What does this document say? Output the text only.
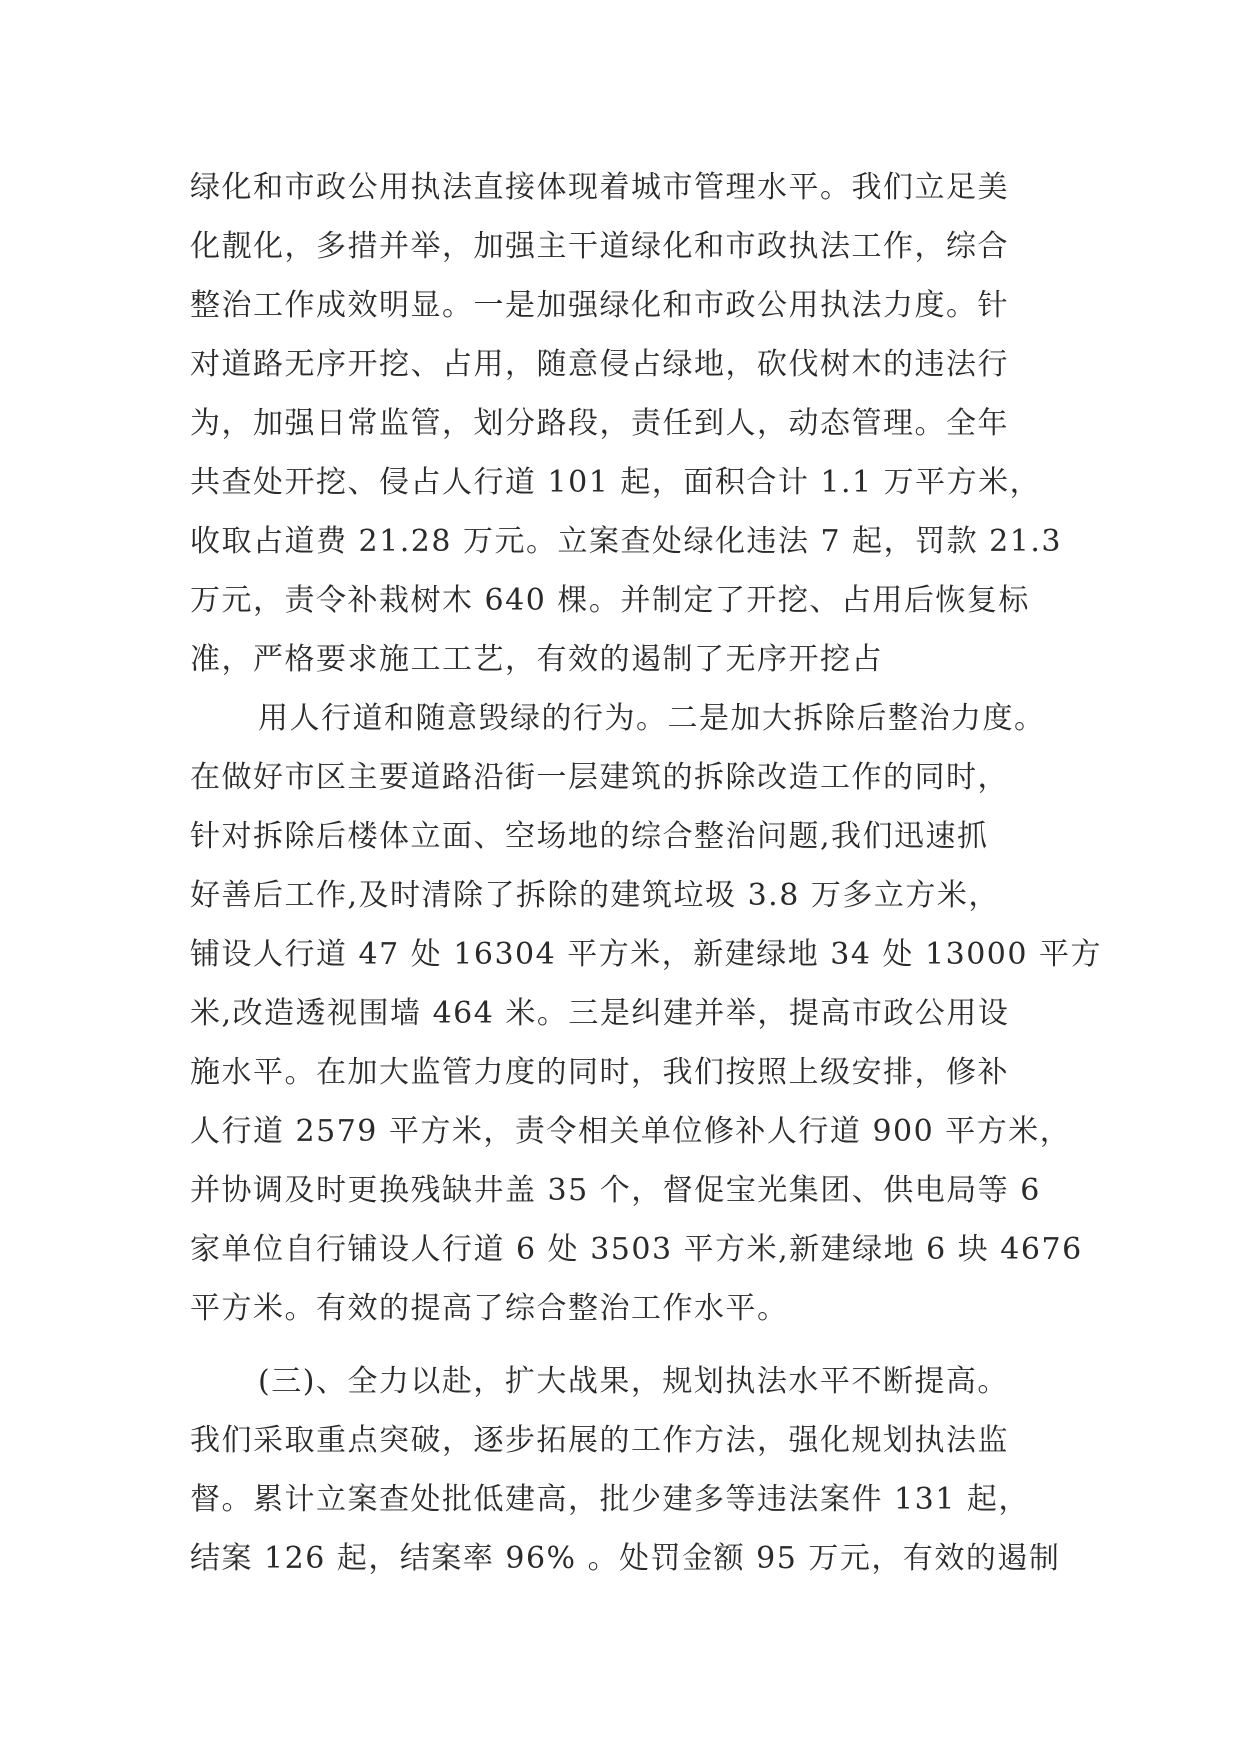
绿化和市政公用执法直接体现着城市管理水平。我们立足美
化靓化，多措并举，加强主干道绿化和市政执法工作，综合
整治工作成效明显。一是加强绿化和市政公用执法力度。针
对道路无序开挖、占用，随意侵占绿地，砍伐树木的违法行
为，加强日常监管，划分路段，责任到人，动态管理。全年
共查处开挖、侵占人行道 101 起，面积合计 1.1 万平方米，
收取占道费 21.28 万元。立案查处绿化违法 7 起，罚款 21.3
万元，责令补栽树木 640 棵。并制定了开挖、占用后恢复标
准，严格要求施工工艺，有效的遏制了无序开挖占
用人行道和随意毁绿的行为。二是加大拆除后整治力度。
在做好市区主要道路沿街一层建筑的拆除改造工作的同时，
针对拆除后楼体立面、空场地的综合整治问题,我们迅速抓
好善后工作,及时清除了拆除的建筑垃圾 3.8 万多立方米，
铺设人行道 47 处 16304 平方米，新建绿地 34 处 13000 平方
米,改造透视围墙 464 米。三是纠建并举，提高市政公用设
施水平。在加大监管力度的同时，我们按照上级安排，修补
人行道 2579 平方米，责令相关单位修补人行道 900 平方米，
并协调及时更换残缺井盖 35 个，督促宝光集团、供电局等 6
家单位自行铺设人行道 6 处 3503 平方米,新建绿地 6 块 4676
平方米。有效的提高了综合整治工作水平。
(三)、全力以赴，扩大战果，规划执法水平不断提高。
我们采取重点突破，逐步拓展的工作方法，强化规划执法监
督。累计立案查处批低建高，批少建多等违法案件 131 起，
结案 126 起，结案率 96% 。处罚金额 95 万元，有效的遏制
